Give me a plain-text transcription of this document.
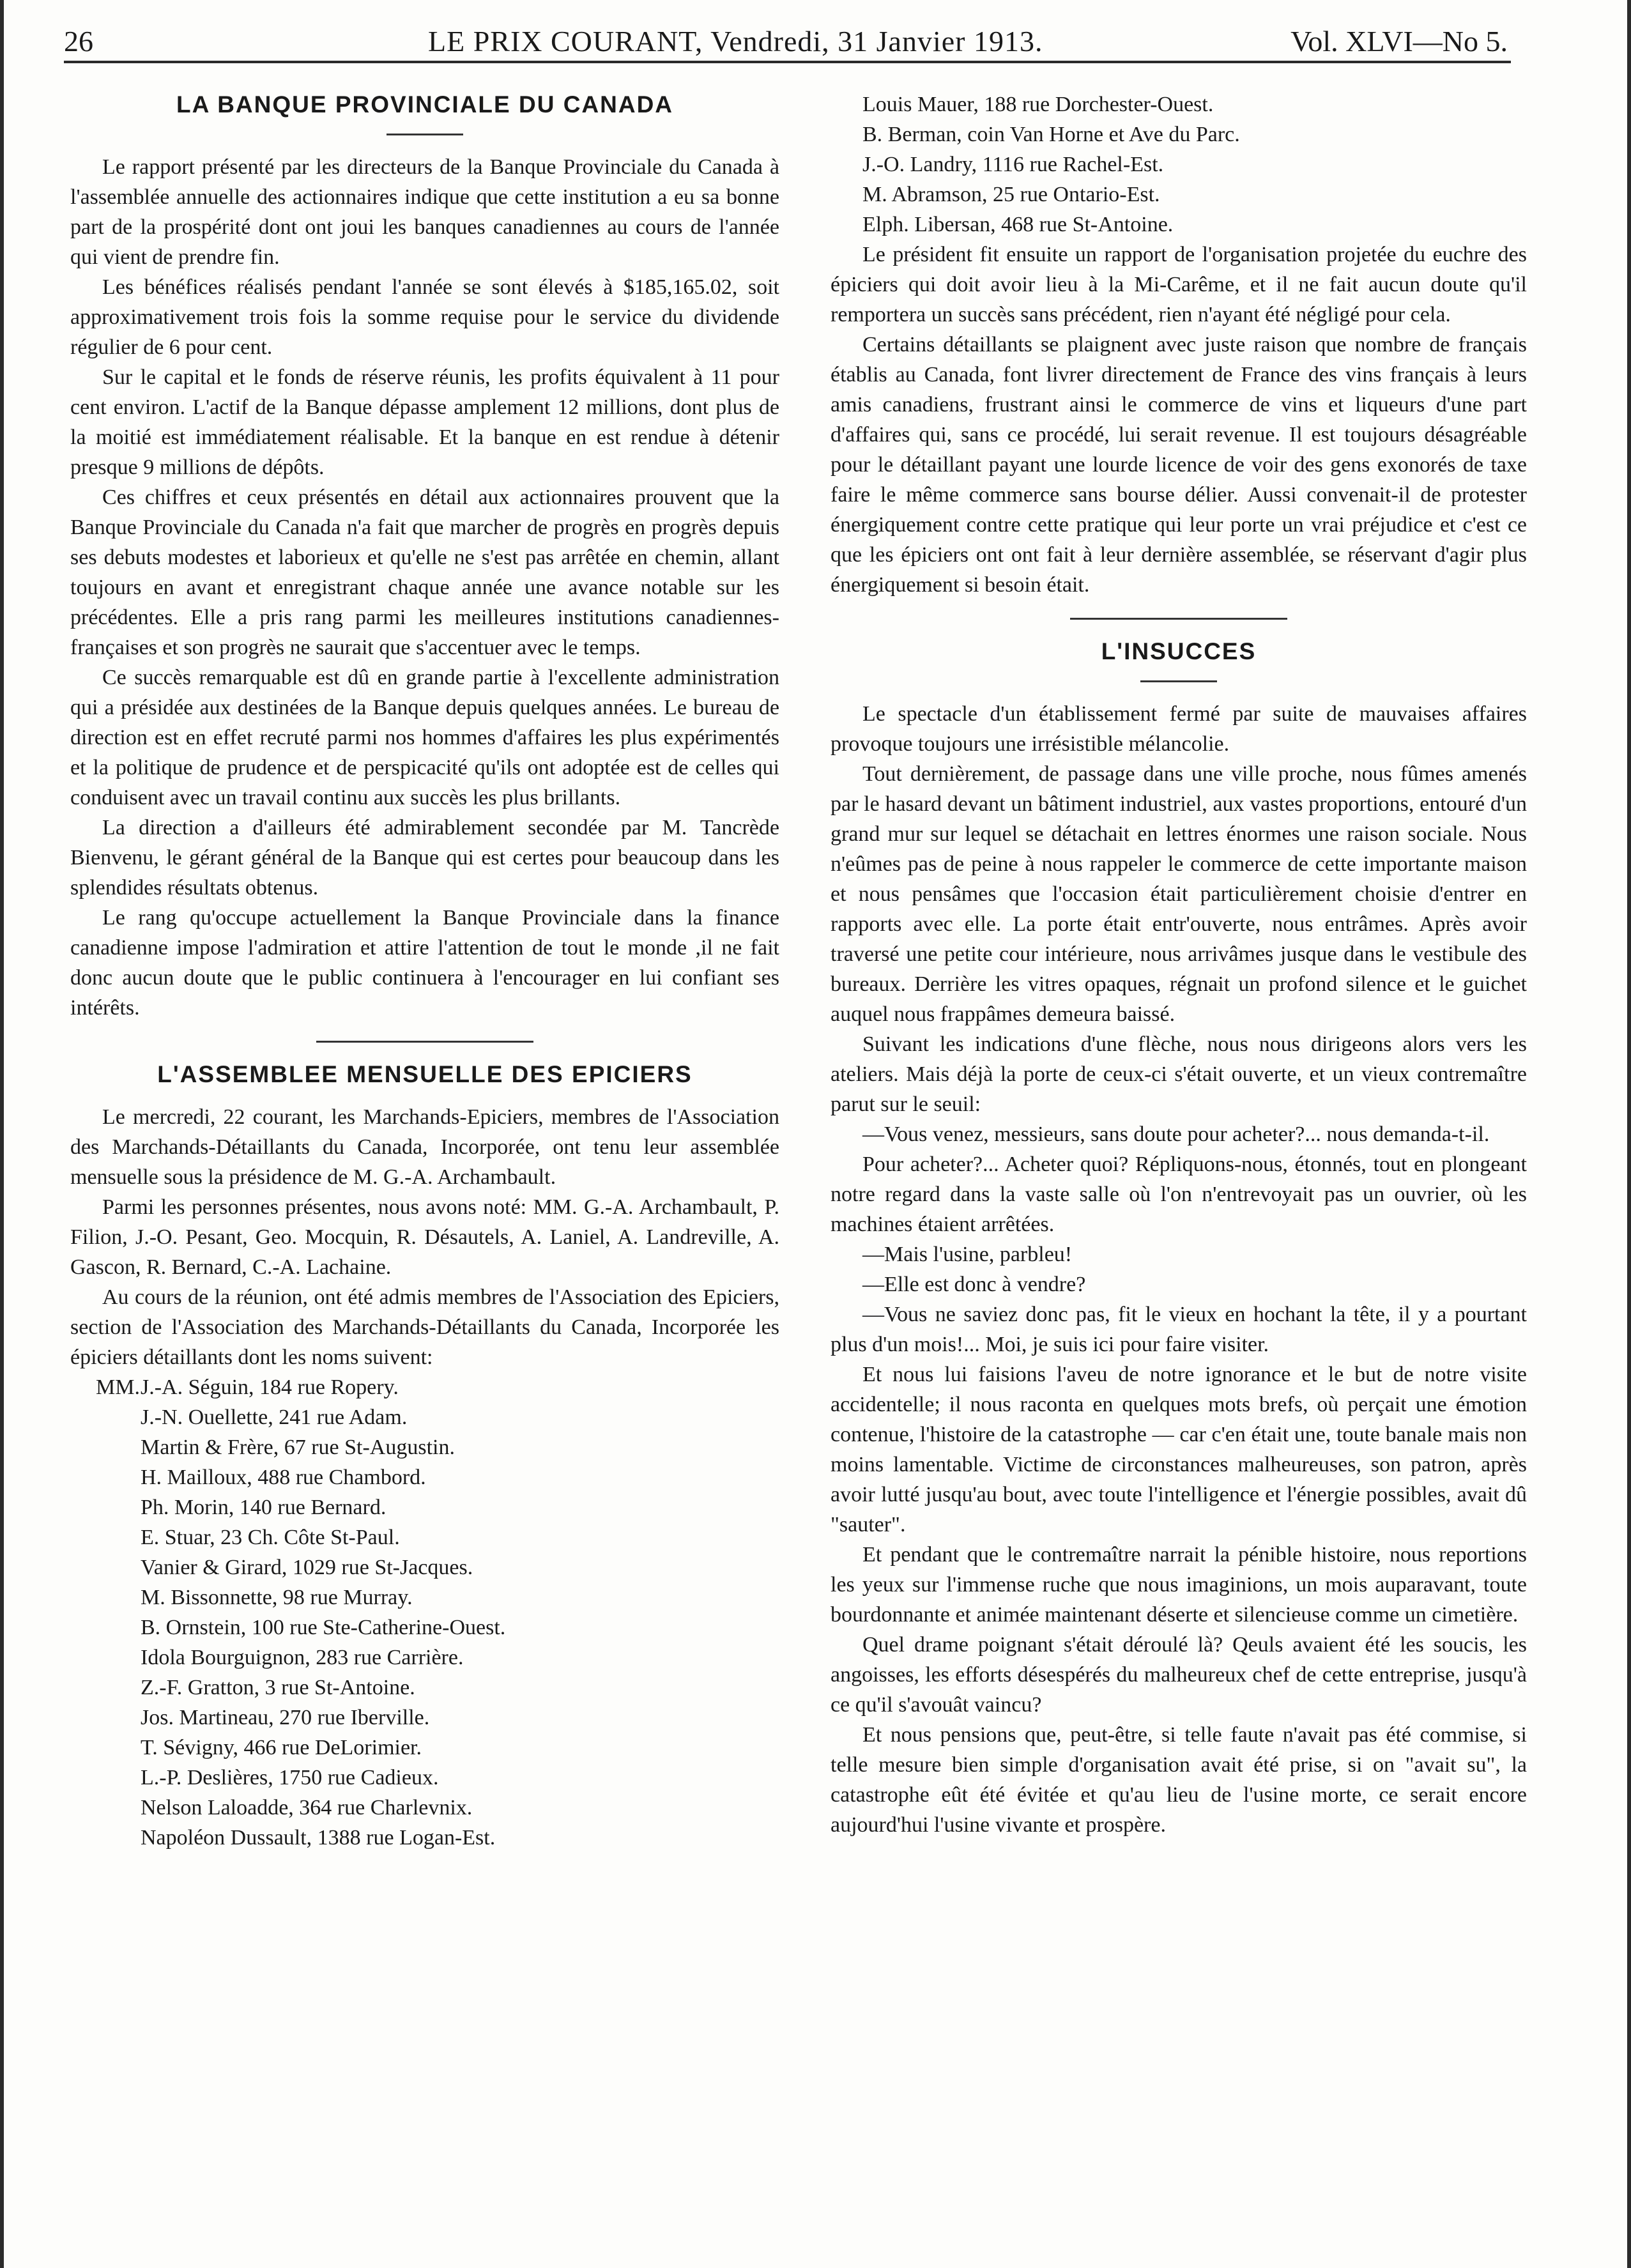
26	LE PRIX COURANT, Vendredi, 31 Janvier 1913.	Vol. XLVI—No 5.
LA BANQUE PROVINCIALE DU CANADA

Le rapport présenté par les directeurs de la Banque Provinciale du Canada à l'assemblée annuelle des actionnaires indique que cette institution a eu sa bonne part de la prospérité dont ont joui les banques canadiennes au cours de l'année qui vient de prendre fin.

Les bénéfices réalisés pendant l'année se sont élevés à $185,165.02, soit approximativement trois fois la somme requise pour le service du dividende régulier de 6 pour cent.

Sur le capital et le fonds de réserve réunis, les profits équivalent à 11 pour cent environ. L'actif de la Banque dépasse amplement 12 millions, dont plus de la moitié est immédiatement réalisable. Et la banque en est rendue à détenir presque 9 millions de dépôts.

Ces chiffres et ceux présentés en détail aux actionnaires prouvent que la Banque Provinciale du Canada n'a fait que marcher de progrès en progrès depuis ses debuts modestes et laborieux et qu'elle ne s'est pas arrêtée en chemin, allant toujours en avant et enregistrant chaque année une avance notable sur les précédentes. Elle a pris rang parmi les meilleures institutions canadiennes-françaises et son progrès ne saurait que s'accentuer avec le temps.

Ce succès remarquable est dû en grande partie à l'excellente administration qui a présidée aux destinées de la Banque depuis quelques années. Le bureau de direction est en effet recruté parmi nos hommes d'affaires les plus expérimentés et la politique de prudence et de perspicacité qu'ils ont adoptée est de celles qui conduisent avec un travail continu aux succès les plus brillants.

La direction a d'ailleurs été admirablement secondée par M. Tancrède Bienvenu, le gérant général de la Banque qui est certes pour beaucoup dans les splendides résultats obtenus.

Le rang qu'occupe actuellement la Banque Provinciale dans la finance canadienne impose l'admiration et attire l'attention de tout le monde ,il ne fait donc aucun doute que le public continuera à l'encourager en lui confiant ses intérêts.

L'ASSEMBLEE MENSUELLE DES EPICIERS

Le mercredi, 22 courant, les Marchands-Epiciers, membres de l'Association des Marchands-Détaillants du Canada, Incorporée, ont tenu leur assemblée mensuelle sous la présidence de M. G.-A. Archambault.

Parmi les personnes présentes, nous avons noté: MM. G.-A. Archambault, P. Filion, J.-O. Pesant, Geo. Mocquin, R. Désautels, A. Laniel, A. Landreville, A. Gascon, R. Bernard, C.-A. Lachaine.

Au cours de la réunion, ont été admis membres de l'Association des Epiciers, section de l'Association des Marchands-Détaillants du Canada, Incorporée les épiciers détaillants dont les noms suivent:

MM.J.-A. Séguin, 184 rue Ropery.

J.-N. Ouellette, 241 rue Adam.

Martin & Frère, 67 rue St-Augustin.

H. Mailloux, 488 rue Chambord.

Ph. Morin, 140 rue Bernard.

E. Stuar, 23 Ch. Côte St-Paul.

Vanier & Girard, 1029 rue St-Jacques.

M. Bissonnette, 98 rue Murray.

B. Ornstein, 100 rue Ste-Catherine-Ouest.

Idola Bourguignon, 283 rue Carrière.

Z.-F. Gratton, 3 rue St-Antoine.

Jos. Martineau, 270 rue Iberville.

T. Sévigny, 466 rue DeLorimier.

L.-P. Deslières, 1750 rue Cadieux.

Nelson Laloadde, 364 rue Charlevnix.

Napoléon Dussault, 1388 rue Logan-Est.

Louis Mauer, 188 rue Dorchester-Ouest.

B. Berman, coin Van Horne et Ave du Parc.

J.-O. Landry, 1116 rue Rachel-Est.

M. Abramson, 25 rue Ontario-Est.

Elph. Libersan, 468 rue St-Antoine.

Le président fit ensuite un rapport de l'organisation projetée du euchre des épiciers qui doit avoir lieu à la Mi-Carême, et il ne fait aucun doute qu'il remportera un succès sans précédent, rien n'ayant été négligé pour cela.

Certains détaillants se plaignent avec juste raison que nombre de français établis au Canada, font livrer directement de France des vins français à leurs amis canadiens, frustrant ainsi le commerce de vins et liqueurs d'une part d'affaires qui, sans ce procédé, lui serait revenue. Il est toujours désagréable pour le détaillant payant une lourde licence de voir des gens exonorés de taxe faire le même commerce sans bourse délier. Aussi convenait-il de protester énergiquement contre cette pratique qui leur porte un vrai préjudice et c'est ce que les épiciers ont ont fait à leur dernière assemblée, se réservant d'agir plus énergiquement si besoin était.

L'INSUCCES

Le spectacle d'un établissement fermé par suite de mauvaises affaires provoque toujours une irrésistible mélancolie.

Tout dernièrement, de passage dans une ville proche, nous fûmes amenés par le hasard devant un bâtiment industriel, aux vastes proportions, entouré d'un grand mur sur lequel se détachait en lettres énormes une raison sociale. Nous n'eûmes pas de peine à nous rappeler le commerce de cette importante maison et nous pensâmes que l'occasion était particulièrement choisie d'entrer en rapports avec elle. La porte était entr'ouverte, nous entrâmes. Après avoir traversé une petite cour intérieure, nous arrivâmes jusque dans le vestibule des bureaux. Derrière les vitres opaques, régnait un profond silence et le guichet auquel nous frappâmes demeura baissé.

Suivant les indications d'une flèche, nous nous dirigeons alors vers les ateliers. Mais déjà la porte de ceux-ci s'était ouverte, et un vieux contremaître parut sur le seuil:

—Vous venez, messieurs, sans doute pour acheter?... nous demanda-t-il.

Pour acheter?... Acheter quoi? Répliquons-nous, étonnés, tout en plongeant notre regard dans la vaste salle où l'on n'entrevoyait pas un ouvrier, où les machines étaient arrêtées.

—Mais l'usine, parbleu!

—Elle est donc à vendre?

—Vous ne saviez donc pas, fit le vieux en hochant la tête, il y a pourtant plus d'un mois!... Moi, je suis ici pour faire visiter.

Et nous lui faisions l'aveu de notre ignorance et le but de notre visite accidentelle; il nous raconta en quelques mots brefs, où perçait une émotion contenue, l'histoire de la catastrophe — car c'en était une, toute banale mais non moins lamentable. Victime de circonstances malheureuses, son patron, après avoir lutté jusqu'au bout, avec toute l'intelligence et l'énergie possibles, avait dû "sauter".

Et pendant que le contremaître narrait la pénible histoire, nous reportions les yeux sur l'immense ruche que nous imaginions, un mois auparavant, toute bourdonnante et animée maintenant déserte et silencieuse comme un cimetière.

Quel drame poignant s'était déroulé là? Qeuls avaient été les soucis, les angoisses, les efforts désespérés du malheureux chef de cette entreprise, jusqu'à ce qu'il s'avouât vaincu?

Et nous pensions que, peut-être, si telle faute n'avait pas été commise, si telle mesure bien simple d'organisation avait été prise, si on "avait su", la catastrophe eût été évitée et qu'au lieu de l'usine morte, ce serait encore aujourd'hui l'usine vivante et prospère.
